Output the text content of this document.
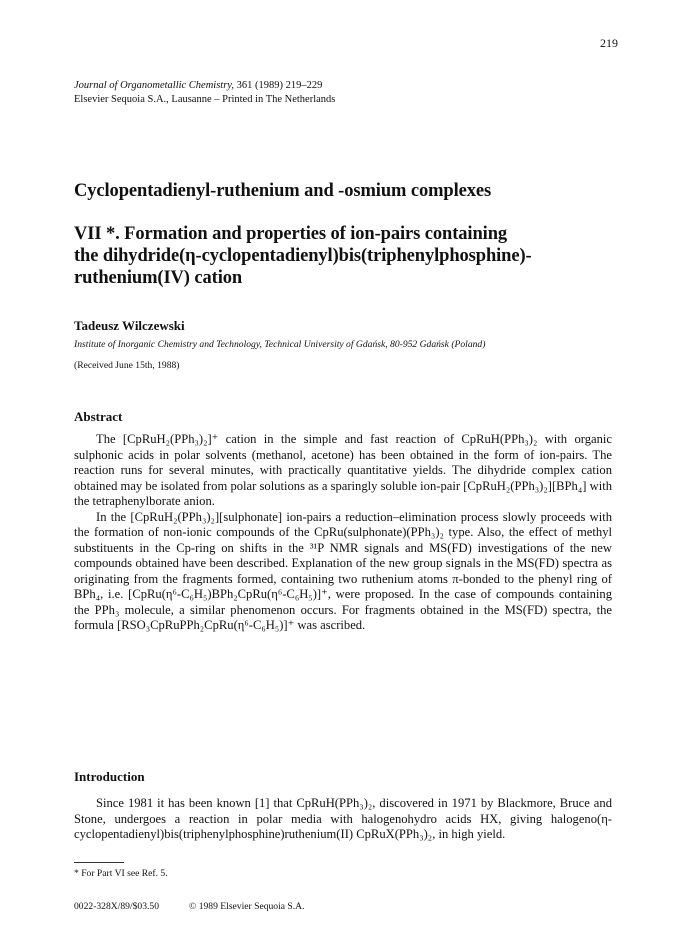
219
Journal of Organometallic Chemistry, 361 (1989) 219–229
Elsevier Sequoia S.A., Lausanne – Printed in The Netherlands
Cyclopentadienyl-ruthenium and -osmium complexes
VII *. Formation and properties of ion-pairs containing
the dihydride(η-cyclopentadienyl)bis(triphenylphosphine)-
ruthenium(IV) cation
Tadeusz Wilczewski
Institute of Inorganic Chemistry and Technology, Technical University of Gdańsk, 80-952 Gdańsk (Poland)
(Received June 15th, 1988)
Abstract

The [CpRuH₂(PPh₃)₂]⁺ cation in the simple and fast reaction of CpRuH(PPh₃)₂ with organic sulphonic acids in polar solvents (methanol, acetone) has been obtained in the form of ion-pairs. The reaction runs for several minutes, with practically quantitative yields. The dihydride complex cation obtained may be isolated from polar solutions as a sparingly soluble ion-pair [CpRuH₂(PPh₃)₂][BPh₄] with the tetraphenylborate anion.

In the [CpRuH₂(PPh₃)₂][sulphonate] ion-pairs a reduction–elimination process slowly proceeds with the formation of non-ionic compounds of the CpRu(sulphonate)(PPh₃)₂ type. Also, the effect of methyl substituents in the Cp-ring on shifts in the ³¹P NMR signals and MS(FD) investigations of the new compounds obtained have been described. Explanation of the new group signals in the MS(FD) spectra as originating from the fragments formed, containing two ruthenium atoms π-bonded to the phenyl ring of BPh₄, i.e. [CpRu(η⁶-C₆H₅)BPh₂CpRu(η⁶-C₆H₅)]⁺, were proposed. In the case of compounds containing the PPh₃ molecule, a similar phenomenon occurs. For fragments obtained in the MS(FD) spectra, the formula [RSO₃CpRuPPh₂CpRu(η⁶-C₆H₅)]⁺ was ascribed.

Introduction

Since 1981 it has been known [1] that CpRuH(PPh₃)₂, discovered in 1971 by Blackmore, Bruce and Stone, undergoes a reaction in polar media with halogenohydro acids HX, giving halogeno(η-cyclopentadienyl)bis(triphenylphosphine)ruthenium(II) CpRuX(PPh₃)₂, in high yield.

* For Part VI see Ref. 5.
0022-328X/89/$03.50	© 1989 Elsevier Sequoia S.A.
